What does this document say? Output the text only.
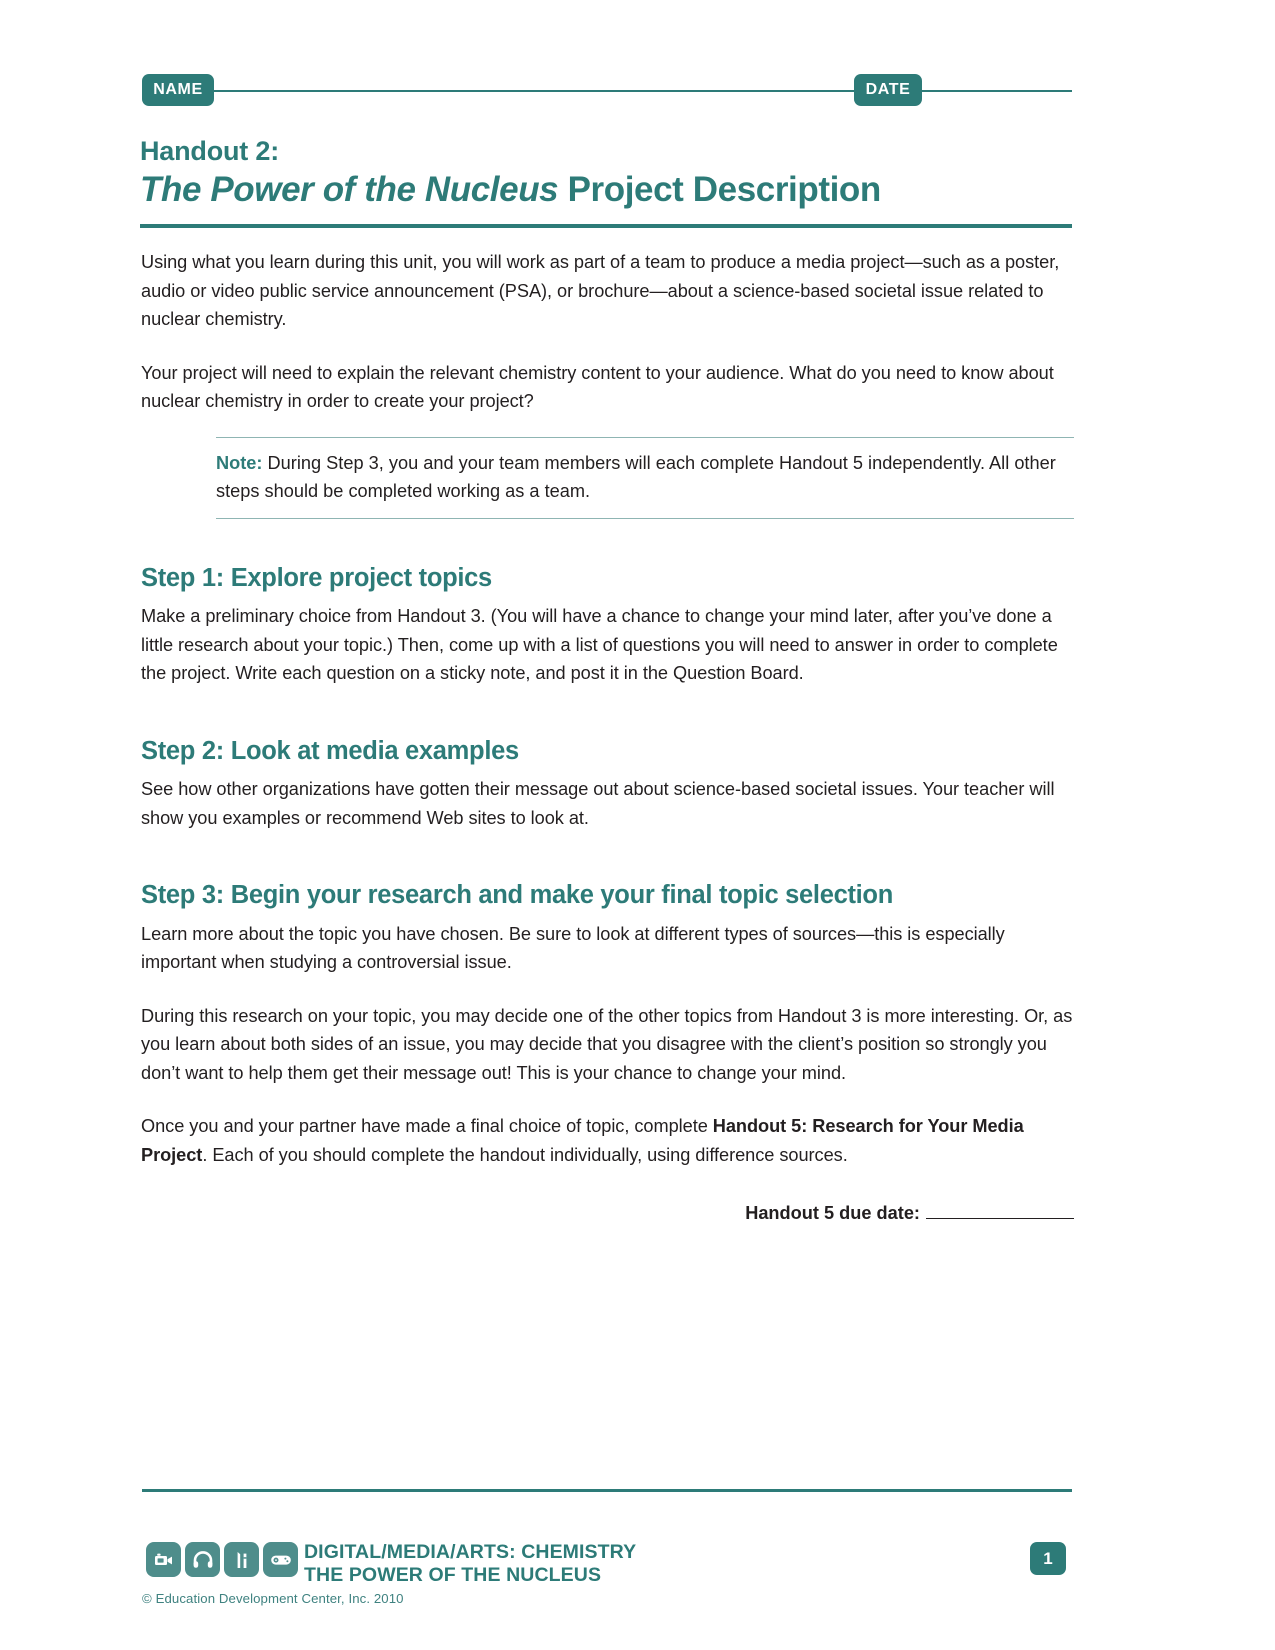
NAME	DATE
Handout 2:
The Power of the Nucleus Project Description

Using what you learn during this unit, you will work as part of a team to produce a media project—such as a poster, audio or video public service announcement (PSA), or brochure—about a science-based societal issue related to nuclear chemistry.

Your project will need to explain the relevant chemistry content to your audience. What do you need to know about nuclear chemistry in order to create your project?

Note: During Step 3, you and your team members will each complete Handout 5 independently. All other steps should be completed working as a team.

Step 1: Explore project topics

Make a preliminary choice from Handout 3. (You will have a chance to change your mind later, after you’ve done a little research about your topic.) Then, come up with a list of questions you will need to answer in order to complete the project. Write each question on a sticky note, and post it in the Question Board.

Step 2: Look at media examples

See how other organizations have gotten their message out about science-based societal issues. Your teacher will show you examples or recommend Web sites to look at.

Step 3: Begin your research and make your final topic selection

Learn more about the topic you have chosen. Be sure to look at different types of sources—this is especially important when studying a controversial issue.

During this research on your topic, you may decide one of the other topics from Handout 3 is more interesting. Or, as you learn about both sides of an issue, you may decide that you disagree with the client’s position so strongly you don’t want to help them get their message out! This is your chance to change your mind.

Once you and your partner have made a final choice of topic, complete Handout 5: Research for Your Media Project. Each of you should complete the handout individually, using difference sources.

Handout 5 due date:
DIGITAL/MEDIA/ARTS: CHEMISTRY
THE POWER OF THE NUCLEUS
© Education Development Center, Inc. 2010
1
